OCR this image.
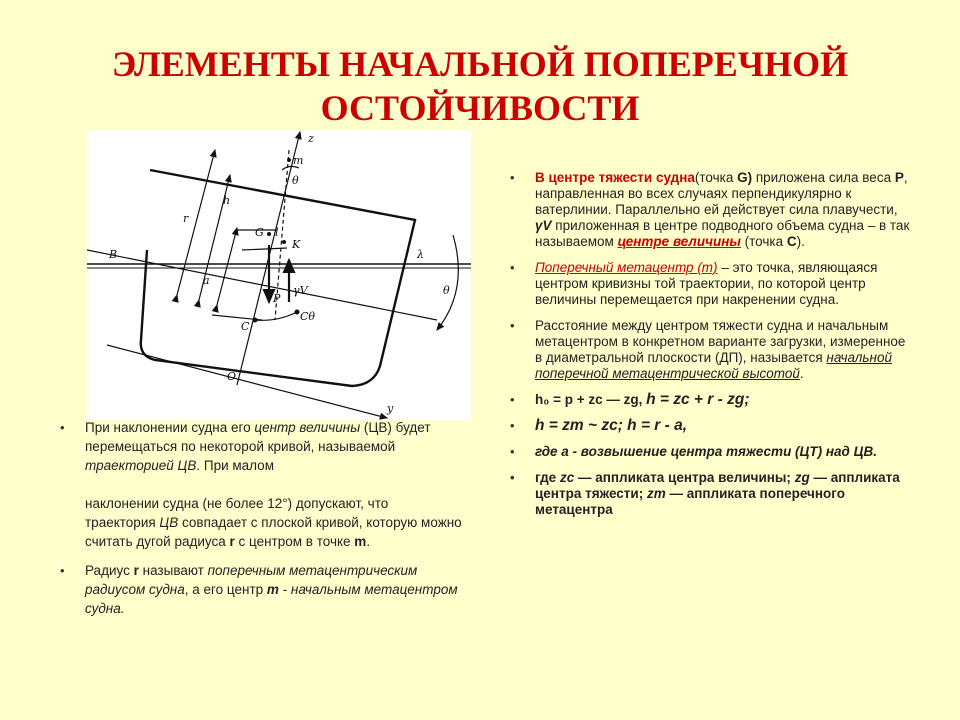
ЭЛЕМЕНТЫ НАЧАЛЬНОЙ ПОПЕРЕЧНОЙ
ОСТОЙЧИВОСТИ
z
m
θ
r
h
a
G l
K
B	λ
C
Cθ
P
γV	θ
O
y
• При наклонении судна его центр величины (ЦВ) будет перемещаться по некоторой кривой, называемой траекторией ЦВ. При малом
наклонении судна (не более 12°) допускают, что
траектория ЦВ совпадает с плоской кривой, которую можно считать дугой радиуса r с центром в точке m.
• Радиус r называют поперечным метацентрическим радиусом судна, а его центр m - начальным метацентром судна.
• В центре тяжести судна(точка G) приложена сила веса Р, направленная во всех случаях перпендикулярно к ватерлинии. Параллельно ей действует сила плавучести, γV приложенная в центре подводного объема судна – в так называемом центре величины (точка С).
• Поперечный метацентр (m) – это точка, являющаяся центром кривизны той траектории, по которой центр величины перемещается при накренении судна.
• Расстояние между центром тяжести судна и начальным метацентром в конкретном варианте загрузки, измеренное в диаметральной плоскости (ДП), называется начальной поперечной метацентрической высотой.
• h₀ = р + zc — zg, h = zc + r - zg;
• h = zm ~ zc; h = r - a,
• где a - возвышение центра тяжести (ЦТ) над ЦВ.
• где zc — аппликата центра величины; zg — аппликата центра тяжести; zm — аппликата поперечного метацентра
